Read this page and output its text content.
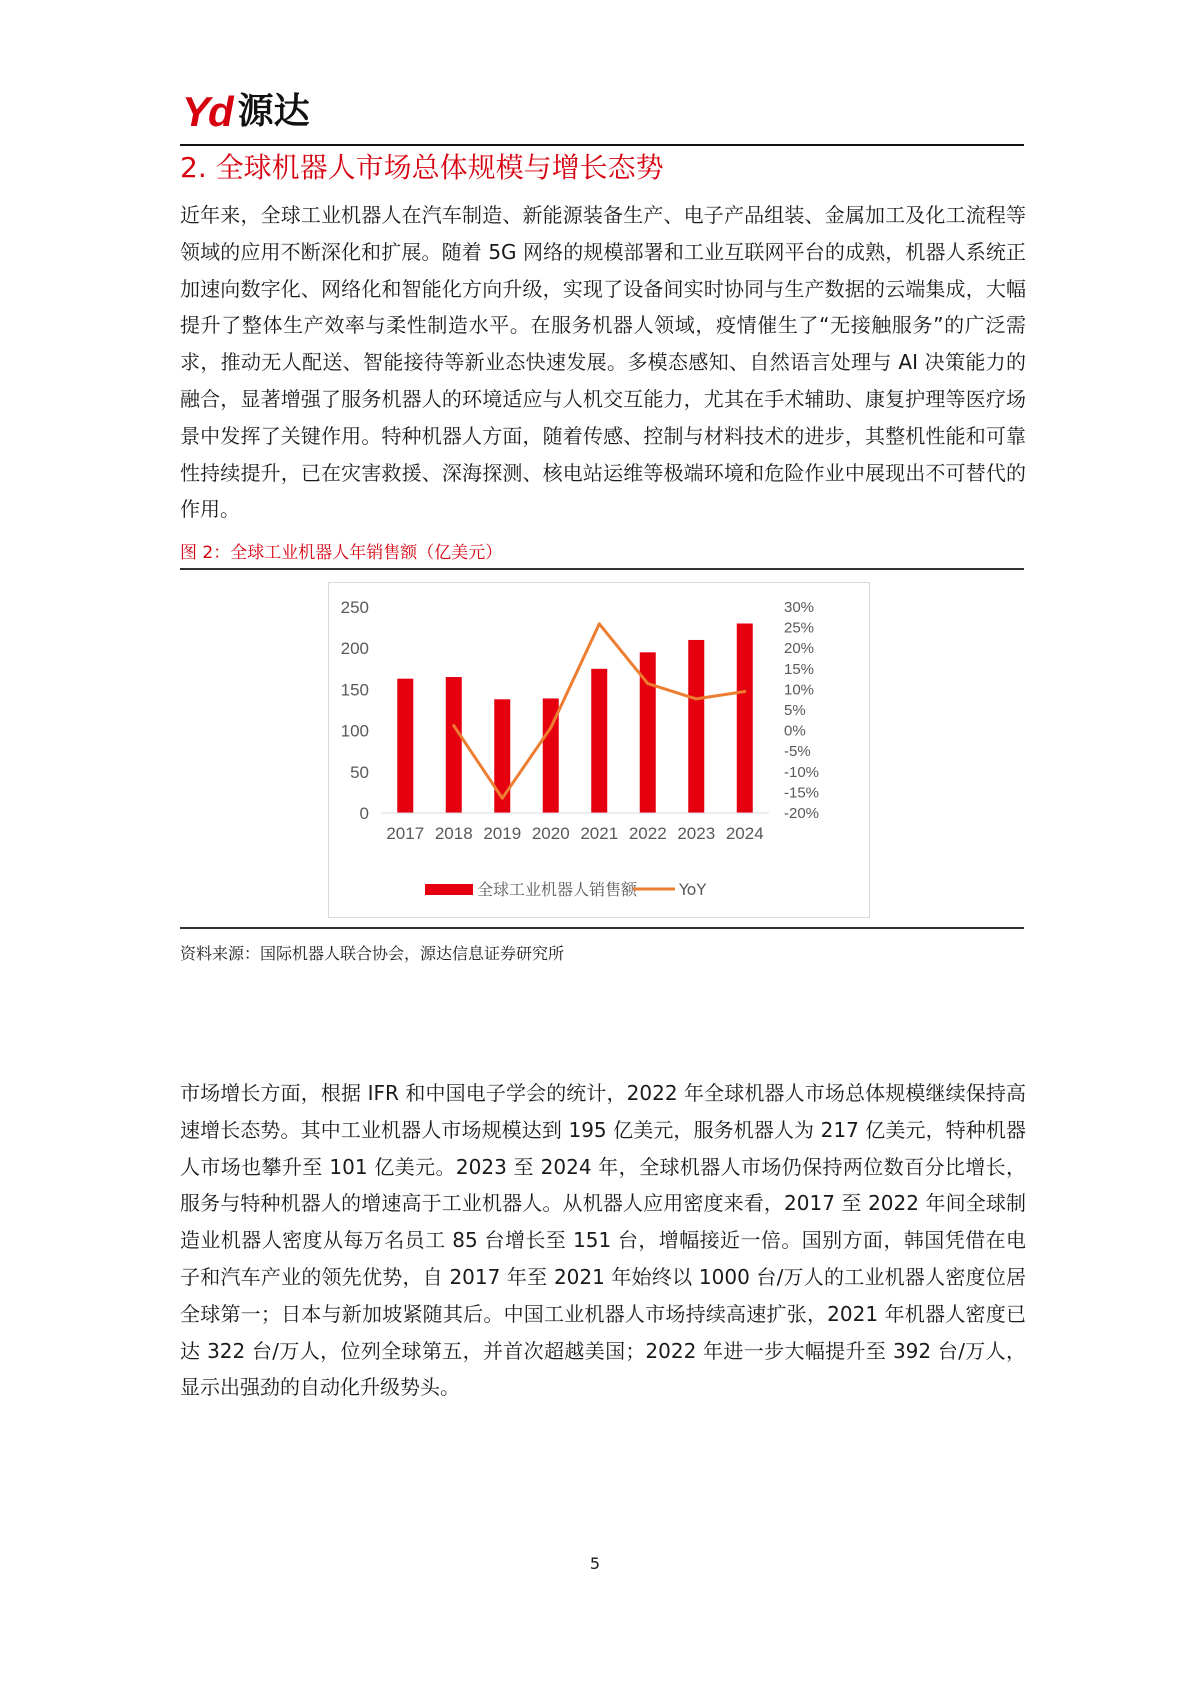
Yd 源达
2. 全球机器人市场总体规模与增长态势

近年来，全球工业机器人在汽车制造、新能源装备生产、电子产品组装、金属加工及化工流程等领域的应用不断深化和扩展。随着 5G 网络的规模部署和工业互联网平台的成熟，机器人系统正加速向数字化、网络化和智能化方向升级，实现了设备间实时协同与生产数据的云端集成，大幅提升了整体生产效率与柔性制造水平。在服务机器人领域，疫情催生了“无接触服务”的广泛需求，推动无人配送、智能接待等新业态快速发展。多模态感知、自然语言处理与 AI 决策能力的融合，显著增强了服务机器人的环境适应与人机交互能力，尤其在手术辅助、康复护理等医疗场景中发挥了关键作用。特种机器人方面，随着传感、控制与材料技术的进步，其整机性能和可靠性持续提升，已在灾害救援、深海探测、核电站运维等极端环境和危险作业中展现出不可替代的作用。

图 2：全球工业机器人年销售额（亿美元）
0
50
100
150
200
250
-20%
-15%
-10%
-5%
0%
5%
10%
15%
20%
25%
30%
2017 2018 2019 2020 2021 2022 2023 2024
全球工业机器人销售额	YoY
资料来源：国际机器人联合协会，源达信息证券研究所

市场增长方面，根据 IFR 和中国电子学会的统计，2022 年全球机器人市场总体规模继续保持高速增长态势。其中工业机器人市场规模达到 195 亿美元，服务机器人为 217 亿美元，特种机器人市场也攀升至 101 亿美元。2023 至 2024 年，全球机器人市场仍保持两位数百分比增长，服务与特种机器人的增速高于工业机器人。从机器人应用密度来看，2017 至 2022 年间全球制造业机器人密度从每万名员工 85 台增长至 151 台，增幅接近一倍。国别方面，韩国凭借在电子和汽车产业的领先优势，自 2017 年至 2021 年始终以 1000 台/万人的工业机器人密度位居全球第一；日本与新加坡紧随其后。中国工业机器人市场持续高速扩张，2021 年机器人密度已达 322 台/万人，位列全球第五，并首次超越美国；2022 年进一步大幅提升至 392 台/万人，显示出强劲的自动化升级势头。

5
